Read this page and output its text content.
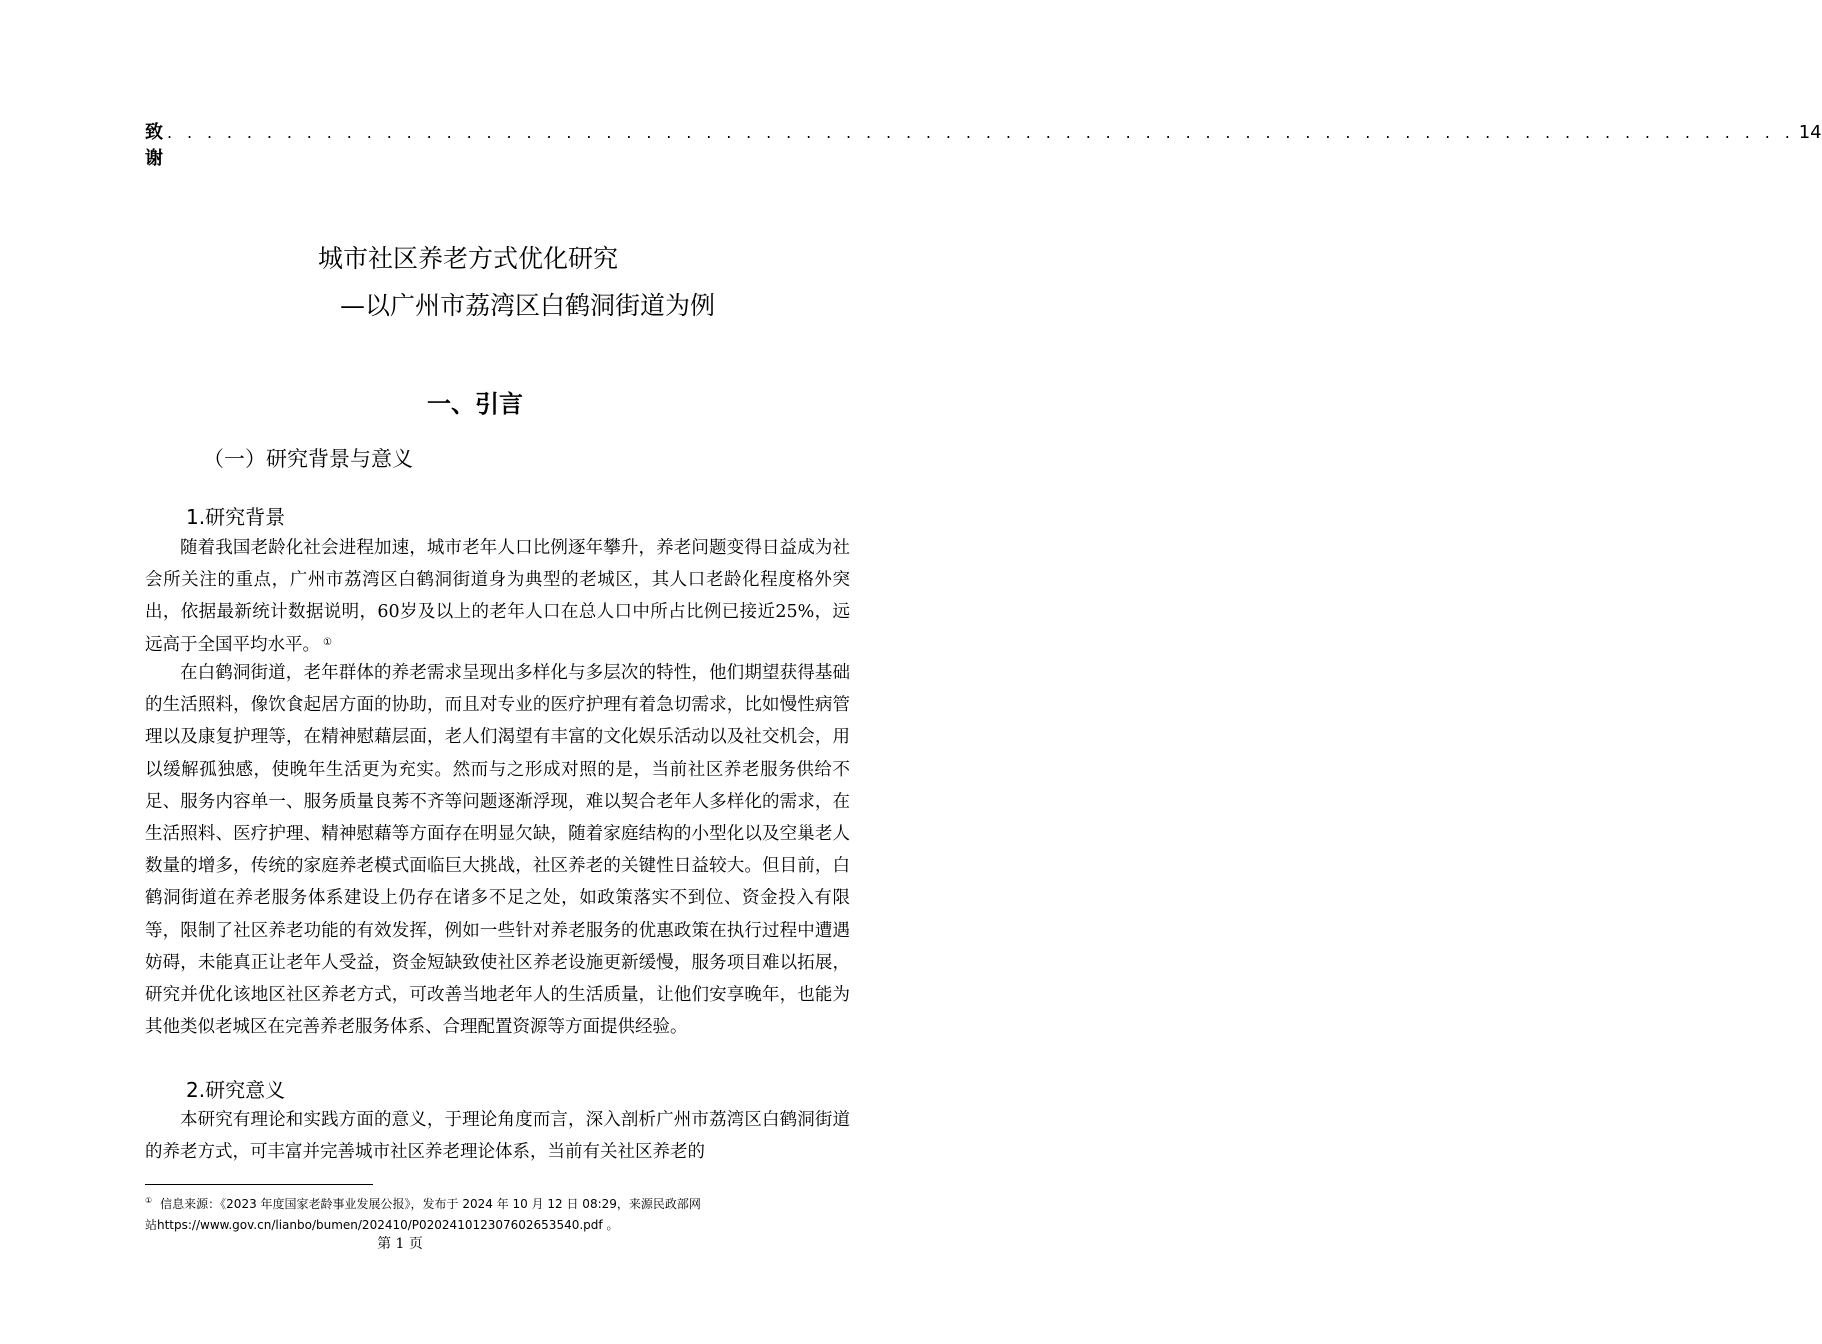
致谢
. . . . . . . . . . . . . . . . . . . . . . . . . . . . . . . . . . . . . . . . . . . . . . . . . . . . . . . . . . . . . . . . . . . . . . . . . . . . . . . . . . 14
城市社区养老方式优化研究
—以广州市荔湾区白鹤洞街道为例
一、引言
（一）研究背景与意义
1.研究背景

随着我国老龄化社会进程加速，城市老年人口比例逐年攀升，养老问题变得日益成为社会所关注的重点，广州市荔湾区白鹤洞街道身为典型的老城区，其人口老龄化程度格外突出，依据最新统计数据说明，60岁及以上的老年人口在总人口中所占比例已接近25%，远远高于全国平均水平。 ①

在白鹤洞街道，老年群体的养老需求呈现出多样化与多层次的特性，他们期望获得基础的生活照料，像饮食起居方面的协助，而且对专业的医疗护理有着急切需求，比如慢性病管理以及康复护理等，在精神慰藉层面，老人们渴望有丰富的文化娱乐活动以及社交机会，用以缓解孤独感，使晚年生活更为充实。然而与之形成对照的是，当前社区养老服务供给不足、服务内容单一、服务质量良莠不齐等问题逐渐浮现，难以契合老年人多样化的需求，在生活照料、医疗护理、精神慰藉等方面存在明显欠缺，随着家庭结构的小型化以及空巢老人数量的增多，传统的家庭养老模式面临巨大挑战，社区养老的关键性日益较大。但目前，白鹤洞街道在养老服务体系建设上仍存在诸多不足之处，如政策落实不到位、资金投入有限等，限制了社区养老功能的有效发挥，例如一些针对养老服务的优惠政策在执行过程中遭遇妨碍，未能真正让老年人受益，资金短缺致使社区养老设施更新缓慢，服务项目难以拓展，研究并优化该地区社区养老方式，可改善当地老年人的生活质量，让他们安享晚年，也能为其他类似老城区在完善养老服务体系、合理配置资源等方面提供经验。

2.研究意义

本研究有理论和实践方面的意义，于理论角度而言，深入剖析广州市荔湾区白鹤洞街道的养老方式，可丰富并完善城市社区养老理论体系，当前有关社区养老的

① 信息来源：《2023 年度国家老龄事业发展公报》，发布于 2024 年 10 月 12 日 08:29，来源民政部网
站https://www.gov.cn/lianbo/bumen/202410/P020241012307602653540.pdf 。
第 1 页
